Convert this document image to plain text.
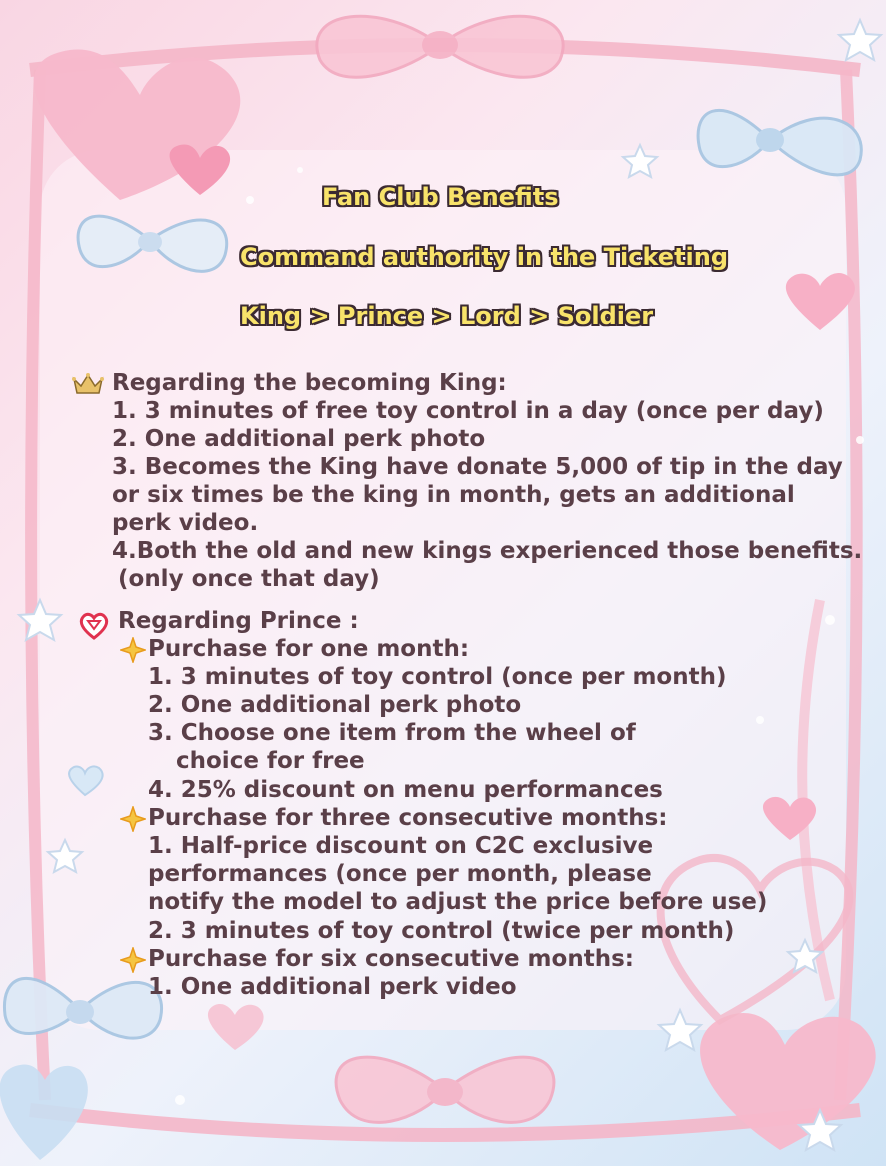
Fan Club Benefits
Command authority in the Ticketing
King > Prince > Lord > Soldier
Regarding the becoming King:
1. 3 minutes of free toy control in a day (once per day)
2. One additional perk photo
3. Becomes the King have donate 5,000 of tip in the day
or six times be the king in month, gets an additional
perk video.
4.Both the old and new kings experienced those benefits.
(only once that day)
Regarding Prince :
Purchase for one month:
1. 3 minutes of toy control (once per month)
2. One additional perk photo
3. Choose one item from the wheel of
choice for free
4. 25% discount on menu performances
Purchase for three consecutive months:
1. Half-price discount on C2C exclusive
performances (once per month, please
notify the model to adjust the price before use)
2. 3 minutes of toy control (twice per month)
Purchase for six consecutive months:
1. One additional perk video
